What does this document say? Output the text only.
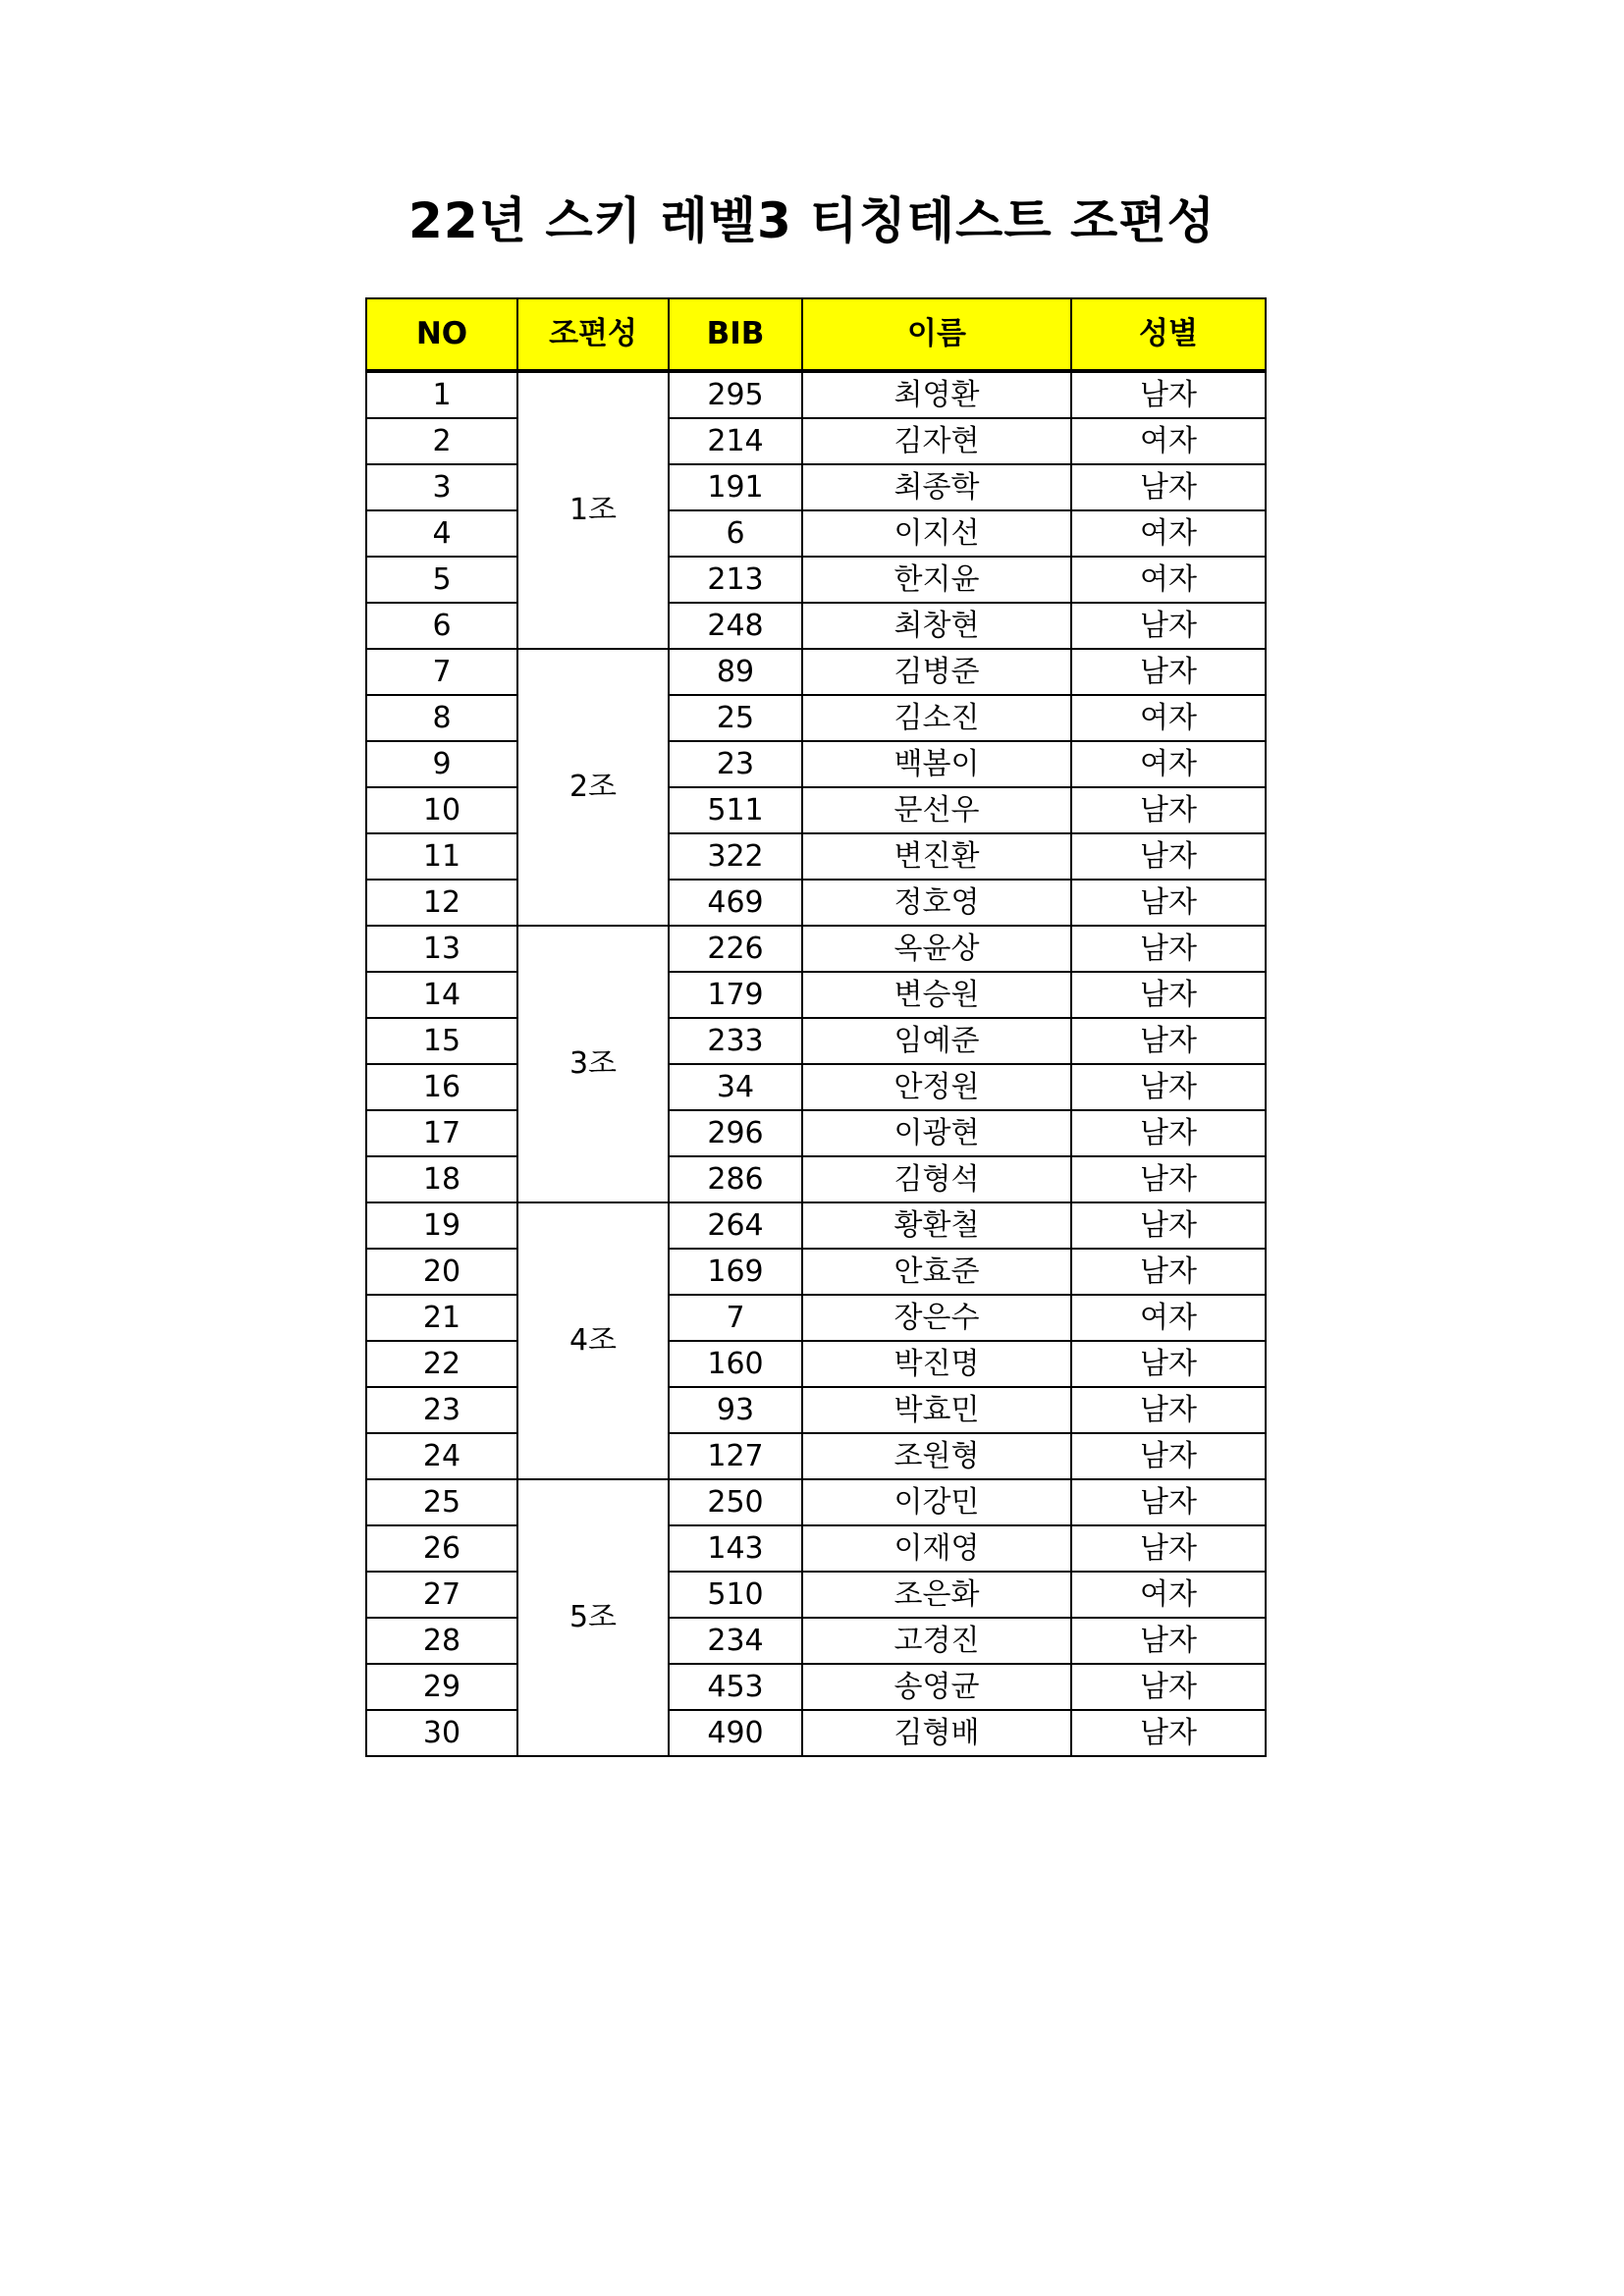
22년 스키 레벨3 티칭테스트 조편성
NO	조편성	BIB	이름	성별
1	1조	295	최영환	남자
2		214	김자현	여자
3		191	최종학	남자
4		6	이지선	여자
5		213	한지윤	여자
6		248	최창현	남자
7	2조	89	김병준	남자
8		25	김소진	여자
9		23	백봄이	여자
10		511	문선우	남자
11		322	변진환	남자
12		469	정호영	남자
13	3조	226	옥윤상	남자
14		179	변승원	남자
15		233	임예준	남자
16		34	안정원	남자
17		296	이광현	남자
18		286	김형석	남자
19	4조	264	황환철	남자
20		169	안효준	남자
21		7	장은수	여자
22		160	박진명	남자
23		93	박효민	남자
24		127	조원형	남자
25	5조	250	이강민	남자
26		143	이재영	남자
27		510	조은화	여자
28		234	고경진	남자
29		453	송영균	남자
30		490	김형배	남자
